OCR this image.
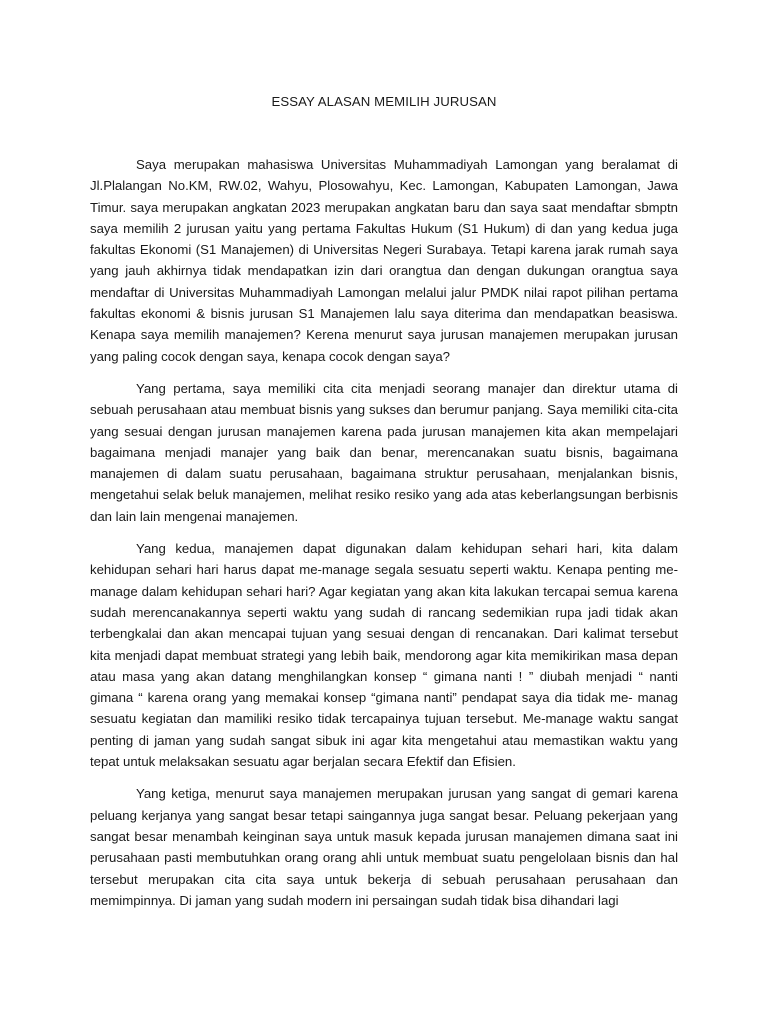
ESSAY ALASAN MEMILIH JURUSAN

Saya merupakan mahasiswa Universitas Muhammadiyah Lamongan yang beralamat di Jl.Plalangan No.KM, RW.02, Wahyu, Plosowahyu, Kec. Lamongan, Kabupaten Lamongan, Jawa Timur. saya merupakan angkatan 2023 merupakan angkatan baru dan saya saat mendaftar sbmptn saya memilih 2 jurusan yaitu yang pertama Fakultas Hukum (S1 Hukum) di dan yang kedua juga fakultas Ekonomi (S1 Manajemen) di Universitas Negeri Surabaya. Tetapi karena jarak rumah saya yang jauh akhirnya tidak mendapatkan izin dari orangtua dan dengan dukungan orangtua saya mendaftar di Universitas Muhammadiyah Lamongan melalui jalur PMDK nilai rapot pilihan pertama fakultas ekonomi & bisnis jurusan S1 Manajemen lalu saya diterima dan mendapatkan beasiswa. Kenapa saya memilih manajemen? Kerena menurut saya jurusan manajemen merupakan jurusan yang paling cocok dengan saya, kenapa cocok dengan saya?

Yang pertama, saya memiliki cita cita menjadi seorang manajer dan direktur utama di sebuah perusahaan atau membuat bisnis yang sukses dan berumur panjang. Saya memiliki cita-cita yang sesuai dengan jurusan manajemen karena pada jurusan manajemen kita akan mempelajari bagaimana menjadi manajer yang baik dan benar, merencanakan suatu bisnis, bagaimana manajemen di dalam suatu perusahaan, bagaimana struktur perusahaan, menjalankan bisnis, mengetahui selak beluk manajemen, melihat resiko resiko yang ada atas keberlangsungan berbisnis dan lain lain mengenai manajemen.

Yang kedua, manajemen dapat digunakan dalam kehidupan sehari hari, kita dalam kehidupan sehari hari harus dapat me-manage segala sesuatu seperti waktu. Kenapa penting me-manage dalam kehidupan sehari hari? Agar kegiatan yang akan kita lakukan tercapai semua karena sudah merencanakannya seperti waktu yang sudah di rancang sedemikian rupa jadi tidak akan terbengkalai dan akan mencapai tujuan yang sesuai dengan di rencanakan. Dari kalimat tersebut kita menjadi dapat membuat strategi yang lebih baik, mendorong agar kita memikirikan masa depan atau masa yang akan datang menghilangkan konsep “ gimana nanti ! ” diubah menjadi “ nanti gimana “ karena orang yang memakai konsep “gimana nanti” pendapat saya dia tidak me- manag sesuatu kegiatan dan mamiliki resiko tidak tercapainya tujuan tersebut. Me-manage waktu sangat penting di jaman yang sudah sangat sibuk ini agar kita mengetahui atau memastikan waktu yang tepat untuk melaksakan sesuatu agar berjalan secara Efektif dan Efisien.

Yang ketiga, menurut saya manajemen merupakan jurusan yang sangat di gemari karena peluang kerjanya yang sangat besar tetapi saingannya juga sangat besar. Peluang pekerjaan yang sangat besar menambah keinginan saya untuk masuk kepada jurusan manajemen dimana saat ini perusahaan pasti membutuhkan orang orang ahli untuk membuat suatu pengelolaan bisnis dan hal tersebut merupakan cita cita saya untuk bekerja di sebuah perusahaan perusahaan dan memimpinnya. Di jaman yang sudah modern ini persaingan sudah tidak bisa dihandari lagi
